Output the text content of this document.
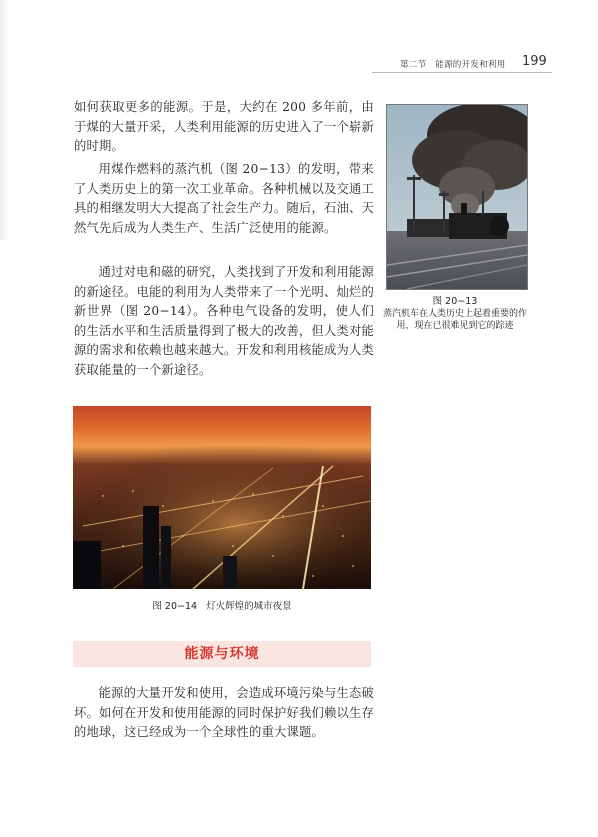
第二节　能源的开发和利用 199

如何获取更多的能源。于是，大约在 200 多年前，由于煤的大量开采，人类利用能源的历史进入了一个崭新的时期。

用煤作燃料的蒸汽机（图 20−13）的发明，带来了人类历史上的第一次工业革命。各种机械以及交通工具的相继发明大大提高了社会生产力。随后，石油、天然气先后成为人类生产、生活广泛使用的能源。

通过对电和磁的研究，人类找到了开发和利用能源的新途径。电能的利用为人类带来了一个光明、灿烂的新世界（图 20−14）。各种电气设备的发明，使人们的生活水平和生活质量得到了极大的改善，但人类对能源的需求和依赖也越来越大。开发和利用核能成为人类获取能量的一个新途径。

图 20−13
蒸汽机车在人类历史上起着重要的作用，现在已很难见到它的踪迹
图 20−14 灯火辉煌的城市夜景
能源与环境

能源的大量开发和使用，会造成环境污染与生态破坏。如何在开发和使用能源的同时保护好我们赖以生存的地球，这已经成为一个全球性的重大课题。
